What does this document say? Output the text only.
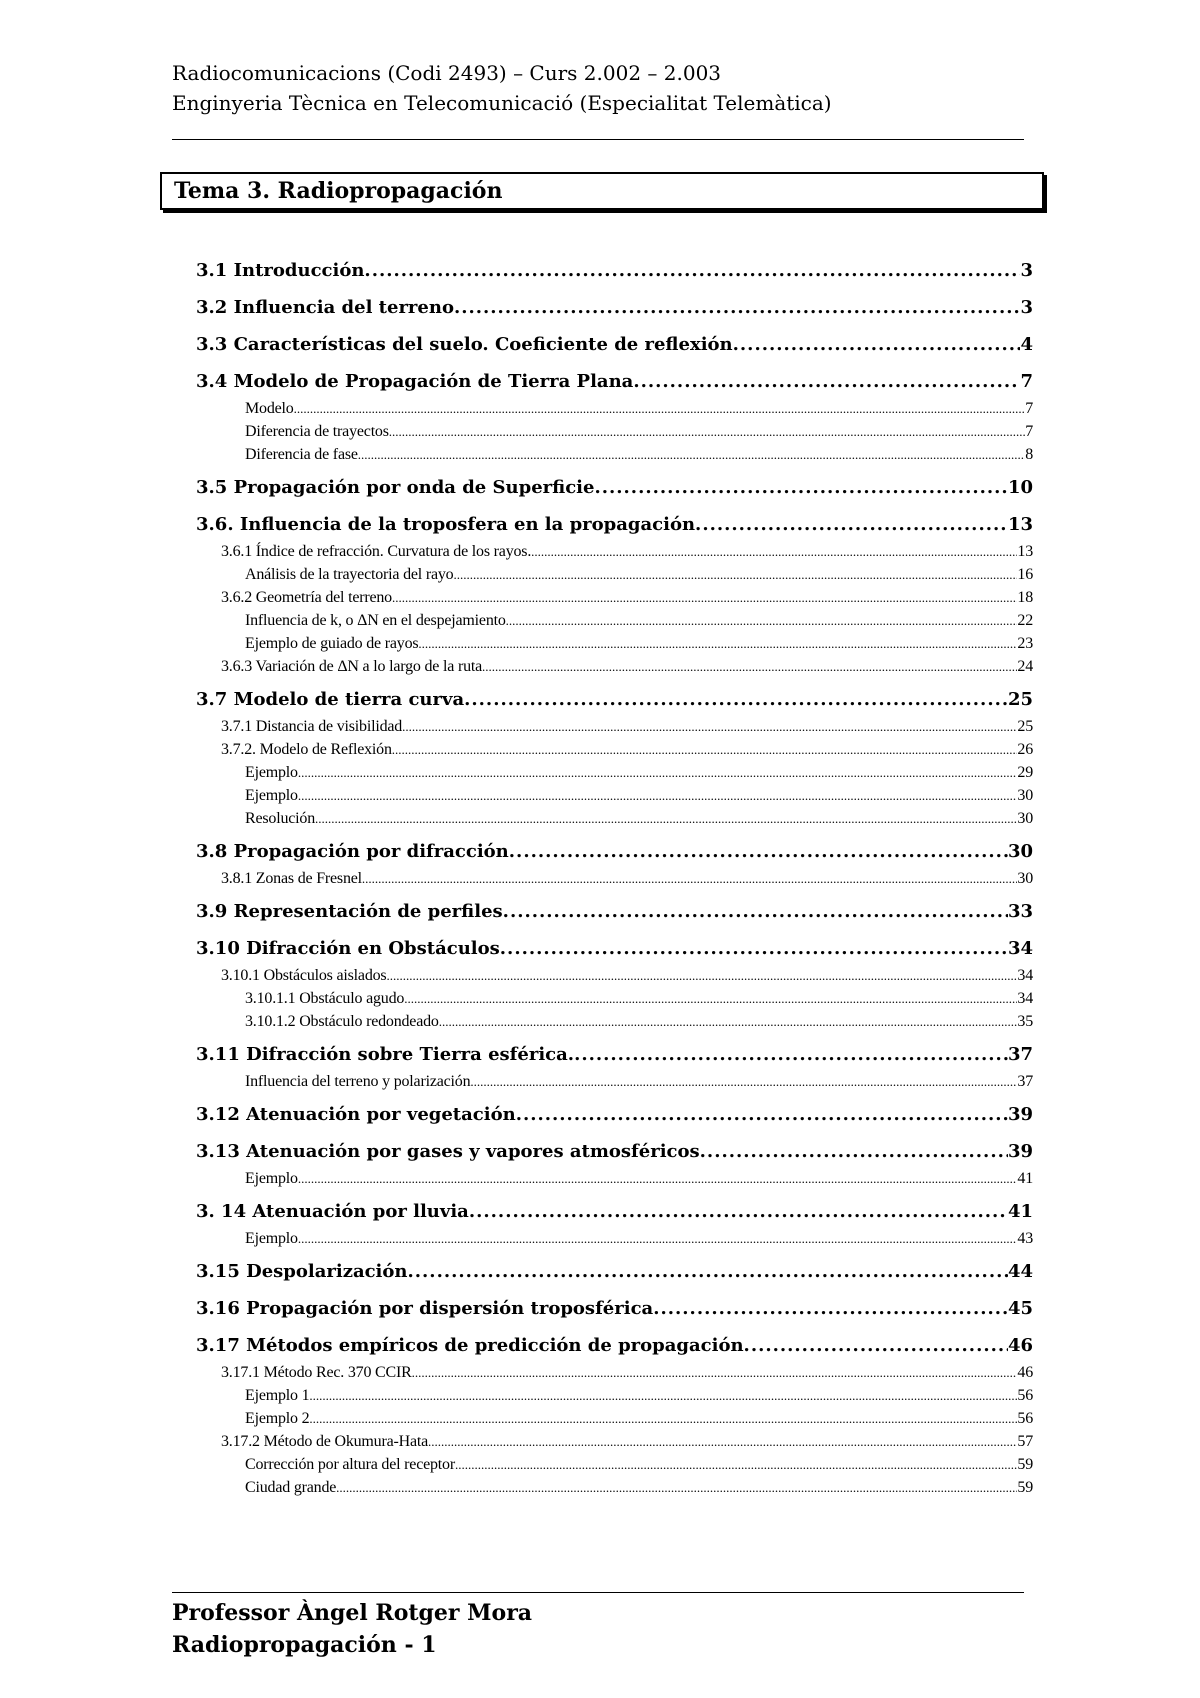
Radiocomunicacions (Codi 2493) – Curs 2.002 – 2.003
Enginyeria Tècnica en Telecomunicació (Especialitat Telemàtica)
Tema 3. Radiopropagación
3.1 Introducción .....	3
3.2 Influencia del terreno .....	3
3.3 Características del suelo. Coeficiente de reflexión .....	4
3.4 Modelo de Propagación de Tierra Plana .....	7
Modelo .....	7
Diferencia de trayectos .....	7
Diferencia de fase .....	8
3.5 Propagación por onda de Superficie .....	10
3.6. Influencia de la troposfera en la propagación .....	13
3.6.1 Índice de refracción. Curvatura de los rayos. .....	13
Análisis de la trayectoria del rayo .....	16
3.6.2 Geometría del terreno .....	18
Influencia de k, o ΔN en el despejamiento .....	22
Ejemplo de guiado de rayos .....	23
3.6.3 Variación de ΔN a lo largo de la ruta .....	24
3.7 Modelo de tierra curva .....	25
3.7.1 Distancia de visibilidad .....	25
3.7.2. Modelo de Reflexión .....	26
Ejemplo .....	29
Ejemplo .....	30
Resolución .....	30
3.8 Propagación por difracción .....	30
3.8.1 Zonas de Fresnel .....	30
3.9 Representación de perfiles .....	33
3.10 Difracción en Obstáculos .....	34
3.10.1 Obstáculos aislados .....	34
3.10.1.1 Obstáculo agudo .....	34
3.10.1.2 Obstáculo redondeado .....	35
3.11 Difracción sobre Tierra esférica. .....	37
Influencia del terreno y polarización .....	37
3.12 Atenuación por vegetación .....	39
3.13 Atenuación por gases y vapores atmosféricos .....	39
Ejemplo .....	41
3. 14 Atenuación por lluvia .....	41
Ejemplo .....	43
3.15 Despolarización .....	44
3.16 Propagación por dispersión troposférica .....	45
3.17 Métodos empíricos de predicción de propagación .....	46
3.17.1 Método Rec. 370 CCIR .....	46
Ejemplo 1 .....	56
Ejemplo 2 .....	56
3.17.2 Método de Okumura-Hata .....	57
Corrección por altura del receptor .....	59
Ciudad grande .....	59
Professor Àngel Rotger Mora
Radiopropagación - 1
